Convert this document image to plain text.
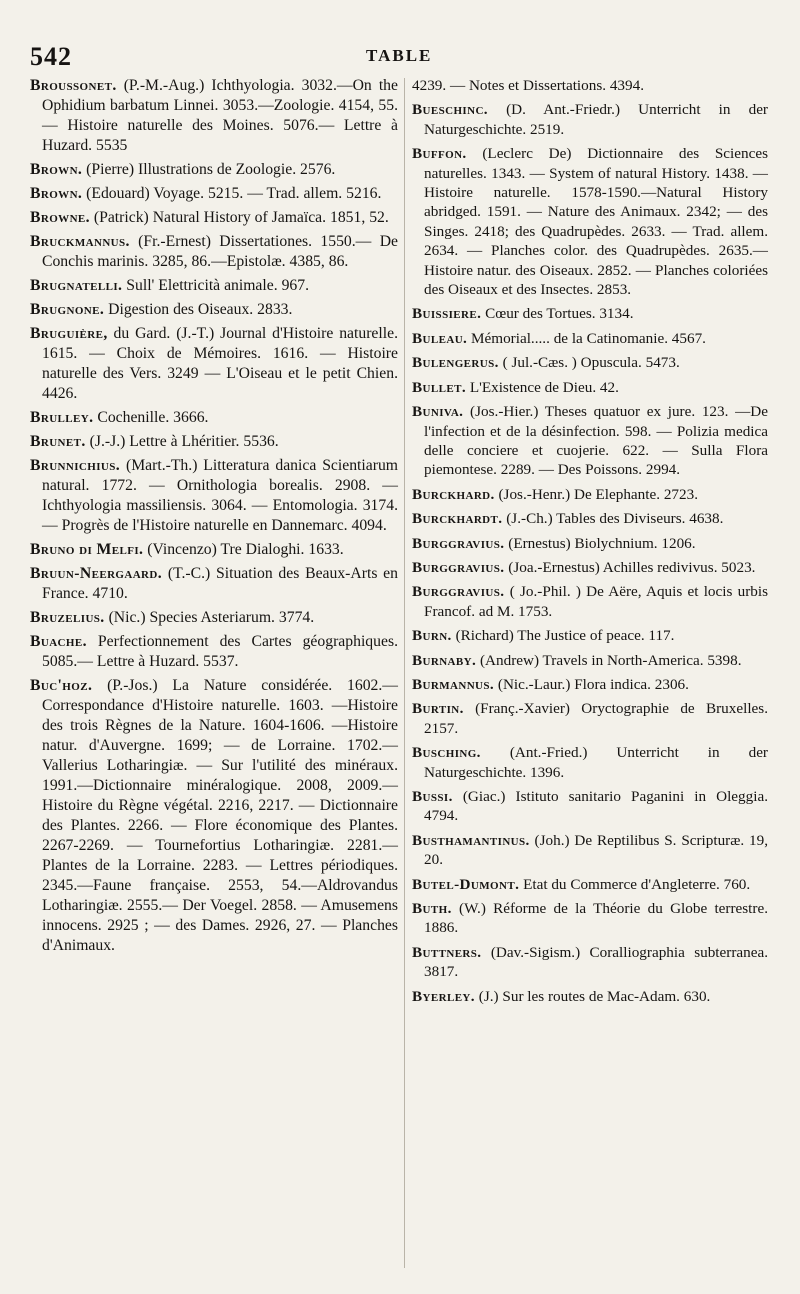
542	TABLE

Broussonet. (P.-M.-Aug.) Ichthyologia. 3032.—On the Ophidium barbatum Linnei. 3053.—Zoologie. 4154, 55. — Histoire naturelle des Moines. 5076.— Lettre à Huzard. 5535

Brown. (Pierre) Illustrations de Zoologie. 2576.

Brown. (Edouard) Voyage. 5215. — Trad. allem. 5216.

Browne. (Patrick) Natural History of Jamaïca. 1851, 52.

Bruckmannus. (Fr.-Ernest) Dissertationes. 1550.— De Conchis marinis. 3285, 86.—Epistolæ. 4385, 86.

Brugnatelli. Sull' Elettricità animale. 967.

Brugnone. Digestion des Oiseaux. 2833.

Bruguière, du Gard. (J.-T.) Journal d'Histoire naturelle. 1615. — Choix de Mémoires. 1616. — Histoire naturelle des Vers. 3249 — L'Oiseau et le petit Chien. 4426.

Brulley. Cochenille. 3666.

Brunet. (J.-J.) Lettre à Lhéritier. 5536.

Brunnichius. (Mart.-Th.) Litteratura danica Scientiarum natural. 1772. — Ornithologia borealis. 2908. — Ichthyologia massiliensis. 3064. — Entomologia. 3174. — Progrès de l'Histoire naturelle en Dannemarc. 4094.

Bruno di Melfi. (Vincenzo) Tre Dialoghi. 1633.

Bruun-Neergaard. (T.-C.) Situation des Beaux-Arts en France. 4710.

Bruzelius. (Nic.) Species Asteriarum. 3774.

Buache. Perfectionnement des Cartes géographiques. 5085.— Lettre à Huzard. 5537.

Buc'hoz. (P.-Jos.) La Nature considérée. 1602.— Correspondance d'Histoire naturelle. 1603. —Histoire des trois Règnes de la Nature. 1604-1606. —Histoire natur. d'Auvergne. 1699; — de Lorraine. 1702.—Vallerius Lotharingiæ. — Sur l'utilité des minéraux. 1991.—Dictionnaire minéralogique. 2008, 2009.—Histoire du Règne végétal. 2216, 2217. — Dictionnaire des Plantes. 2266. — Flore économique des Plantes. 2267-2269. — Tournefortius Lotharingiæ. 2281.—Plantes de la Lorraine. 2283. — Lettres périodiques. 2345.—Faune française. 2553, 54.—Aldrovandus Lotharingiæ. 2555.— Der Voegel. 2858. — Amusemens innocens. 2925 ; — des Dames. 2926, 27. — Planches d'Animaux.

4239. — Notes et Dissertations. 4394.

Bueschinc. (D. Ant.-Friedr.) Unterricht in der Naturgeschichte. 2519.

Buffon. (Leclerc De) Dictionnaire des Sciences naturelles. 1343. — System of natural History. 1438. — Histoire naturelle. 1578-1590.—Natural History abridged. 1591. — Nature des Animaux. 2342; — des Singes. 2418; des Quadrupèdes. 2633. — Trad. allem. 2634. — Planches color. des Quadrupèdes. 2635.—Histoire natur. des Oiseaux. 2852. — Planches coloriées des Oiseaux et des Insectes. 2853.

Buissiere. Cœur des Tortues. 3134.

Buleau. Mémorial..... de la Catinomanie. 4567.

Bulengerus. ( Jul.-Cæs. ) Opuscula. 5473.

Bullet. L'Existence de Dieu. 42.

Buniva. (Jos.-Hier.) Theses quatuor ex jure. 123. —De l'infection et de la désinfection. 598. — Polizia medica delle conciere et cuojerie. 622. — Sulla Flora piemontese. 2289. — Des Poissons. 2994.

Burckhard. (Jos.-Henr.) De Elephante. 2723.

Burckhardt. (J.-Ch.) Tables des Diviseurs. 4638.

Burggravius. (Ernestus) Biolychnium. 1206.

Burggravius. (Joa.-Ernestus) Achilles redivivus. 5023.

Burggravius. ( Jo.-Phil. ) De Aëre, Aquis et locis urbis Francof. ad M. 1753.

Burn. (Richard) The Justice of peace. 117.

Burnaby. (Andrew) Travels in North-America. 5398.

Burmannus. (Nic.-Laur.) Flora indica. 2306.

Burtin. (Franç.-Xavier) Oryctographie de Bruxelles. 2157.

Busching. (Ant.-Fried.) Unterricht in der Naturgeschichte. 1396.

Bussi. (Giac.) Istituto sanitario Paganini in Oleggia. 4794.

Busthamantinus. (Joh.) De Reptilibus S. Scripturæ. 19, 20.

Butel-Dumont. Etat du Commerce d'Angleterre. 760.

Buth. (W.) Réforme de la Théorie du Globe terrestre. 1886.

Buttners. (Dav.-Sigism.) Coralliographia subterranea. 3817.

Byerley. (J.) Sur les routes de Mac-Adam. 630.
